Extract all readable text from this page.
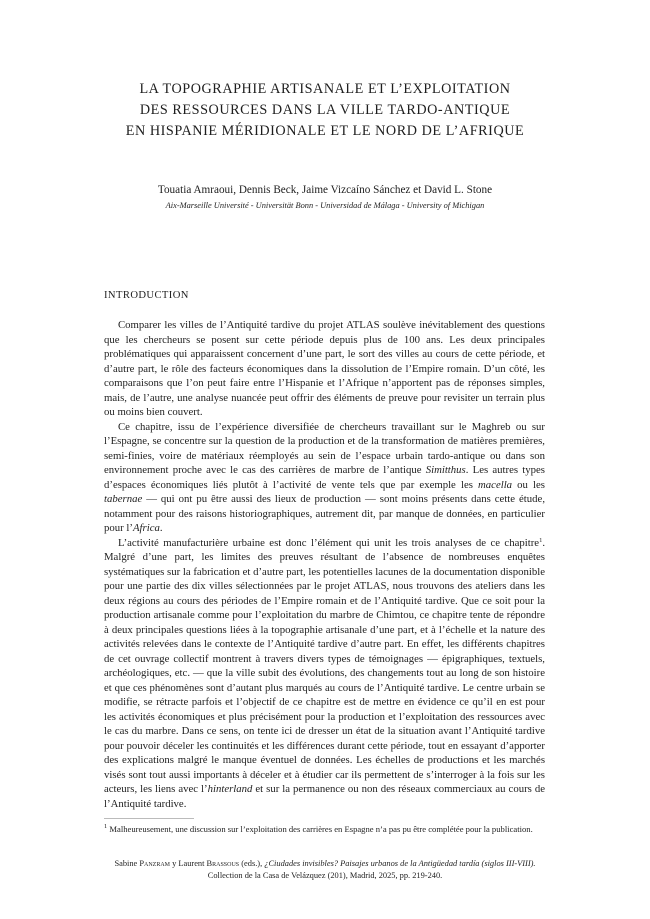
LA TOPOGRAPHIE ARTISANALE ET L’EXPLOITATION
DES RESSOURCES DANS LA VILLE TARDO-ANTIQUE
EN HISPANIE MÉRIDIONALE ET LE NORD DE L’AFRIQUE
Touatia Amraoui, Dennis Beck, Jaime Vizcaíno Sánchez et David L. Stone
Aix-Marseille Université - Universität Bonn - Universidad de Málaga - University of Michigan
INTRODUCTION

Comparer les villes de l’Antiquité tardive du projet ATLAS soulève inévitablement des questions que les chercheurs se posent sur cette période depuis plus de 100 ans. Les deux principales problématiques qui apparaissent concernent d’une part, le sort des villes au cours de cette période, et d’autre part, le rôle des facteurs économiques dans la dissolution de l’Empire romain. D’un côté, les comparaisons que l’on peut faire entre l’Hispanie et l’Afrique n’apportent pas de réponses simples, mais, de l’autre, une analyse nuancée peut offrir des éléments de preuve pour revisiter un terrain plus ou moins bien couvert.

Ce chapitre, issu de l’expérience diversifiée de chercheurs travaillant sur le Maghreb ou sur l’Espagne, se concentre sur la question de la production et de la transformation de matières premières, semi-finies, voire de matériaux réemployés au sein de l’espace urbain tardo-antique ou dans son environnement proche avec le cas des carrières de marbre de l’antique Simitthus. Les autres types d’espaces économiques liés plutôt à l’activité de vente tels que par exemple les macella ou les tabernae — qui ont pu être aussi des lieux de production — sont moins présents dans cette étude, notamment pour des raisons historiographiques, autrement dit, par manque de données, en particulier pour l’Africa.

L’activité manufacturière urbaine est donc l’élément qui unit les trois analyses de ce chapitre$^1$. Malgré d’une part, les limites des preuves résultant de l’absence de nombreuses enquêtes systématiques sur la fabrication et d’autre part, les potentielles lacunes de la documentation disponible pour une partie des dix villes sélectionnées par le projet ATLAS, nous trouvons des ateliers dans les deux régions au cours des périodes de l’Empire romain et de l’Antiquité tardive. Que ce soit pour la production artisanale comme pour l’exploitation du marbre de Chimtou, ce chapitre tente de répondre à deux principales questions liées à la topographie artisanale d’une part, et à l’échelle et la nature des activités relevées dans le contexte de l’Antiquité tardive d’autre part. En effet, les différents chapitres de cet ouvrage collectif montrent à travers divers types de témoignages — épigraphiques, textuels, archéologiques, etc. — que la ville subit des évolutions, des changements tout au long de son histoire et que ces phénomènes sont d’autant plus marqués au cours de l’Antiquité tardive. Le centre urbain se modifie, se rétracte parfois et l’objectif de ce chapitre est de mettre en évidence ce qu’il en est pour les activités économiques et plus précisément pour la production et l’exploitation des ressources avec le cas du marbre. Dans ce sens, on tente ici de dresser un état de la situation avant l’Antiquité tardive pour pouvoir déceler les continuités et les différences durant cette période, tout en essayant d’apporter des explications malgré le manque éventuel de données. Les échelles de productions et les marchés visés sont tout aussi importants à déceler et à étudier car ils permettent de s’interroger à la fois sur les acteurs, les liens avec l’hinterland et sur la permanence ou non des réseaux commerciaux au cours de l’Antiquité tardive.

$^1$ Malheureusement, une discussion sur l’exploitation des carrières en Espagne n’a pas pu être complétée pour la publication.
Sabine Panzram y Laurent Brassous (eds.), ¿Ciudades invisibles? Paisajes urbanos de la Antigüedad tardía (siglos III-VIII).
Collection de la Casa de Velázquez (201), Madrid, 2025, pp. 219-240.
